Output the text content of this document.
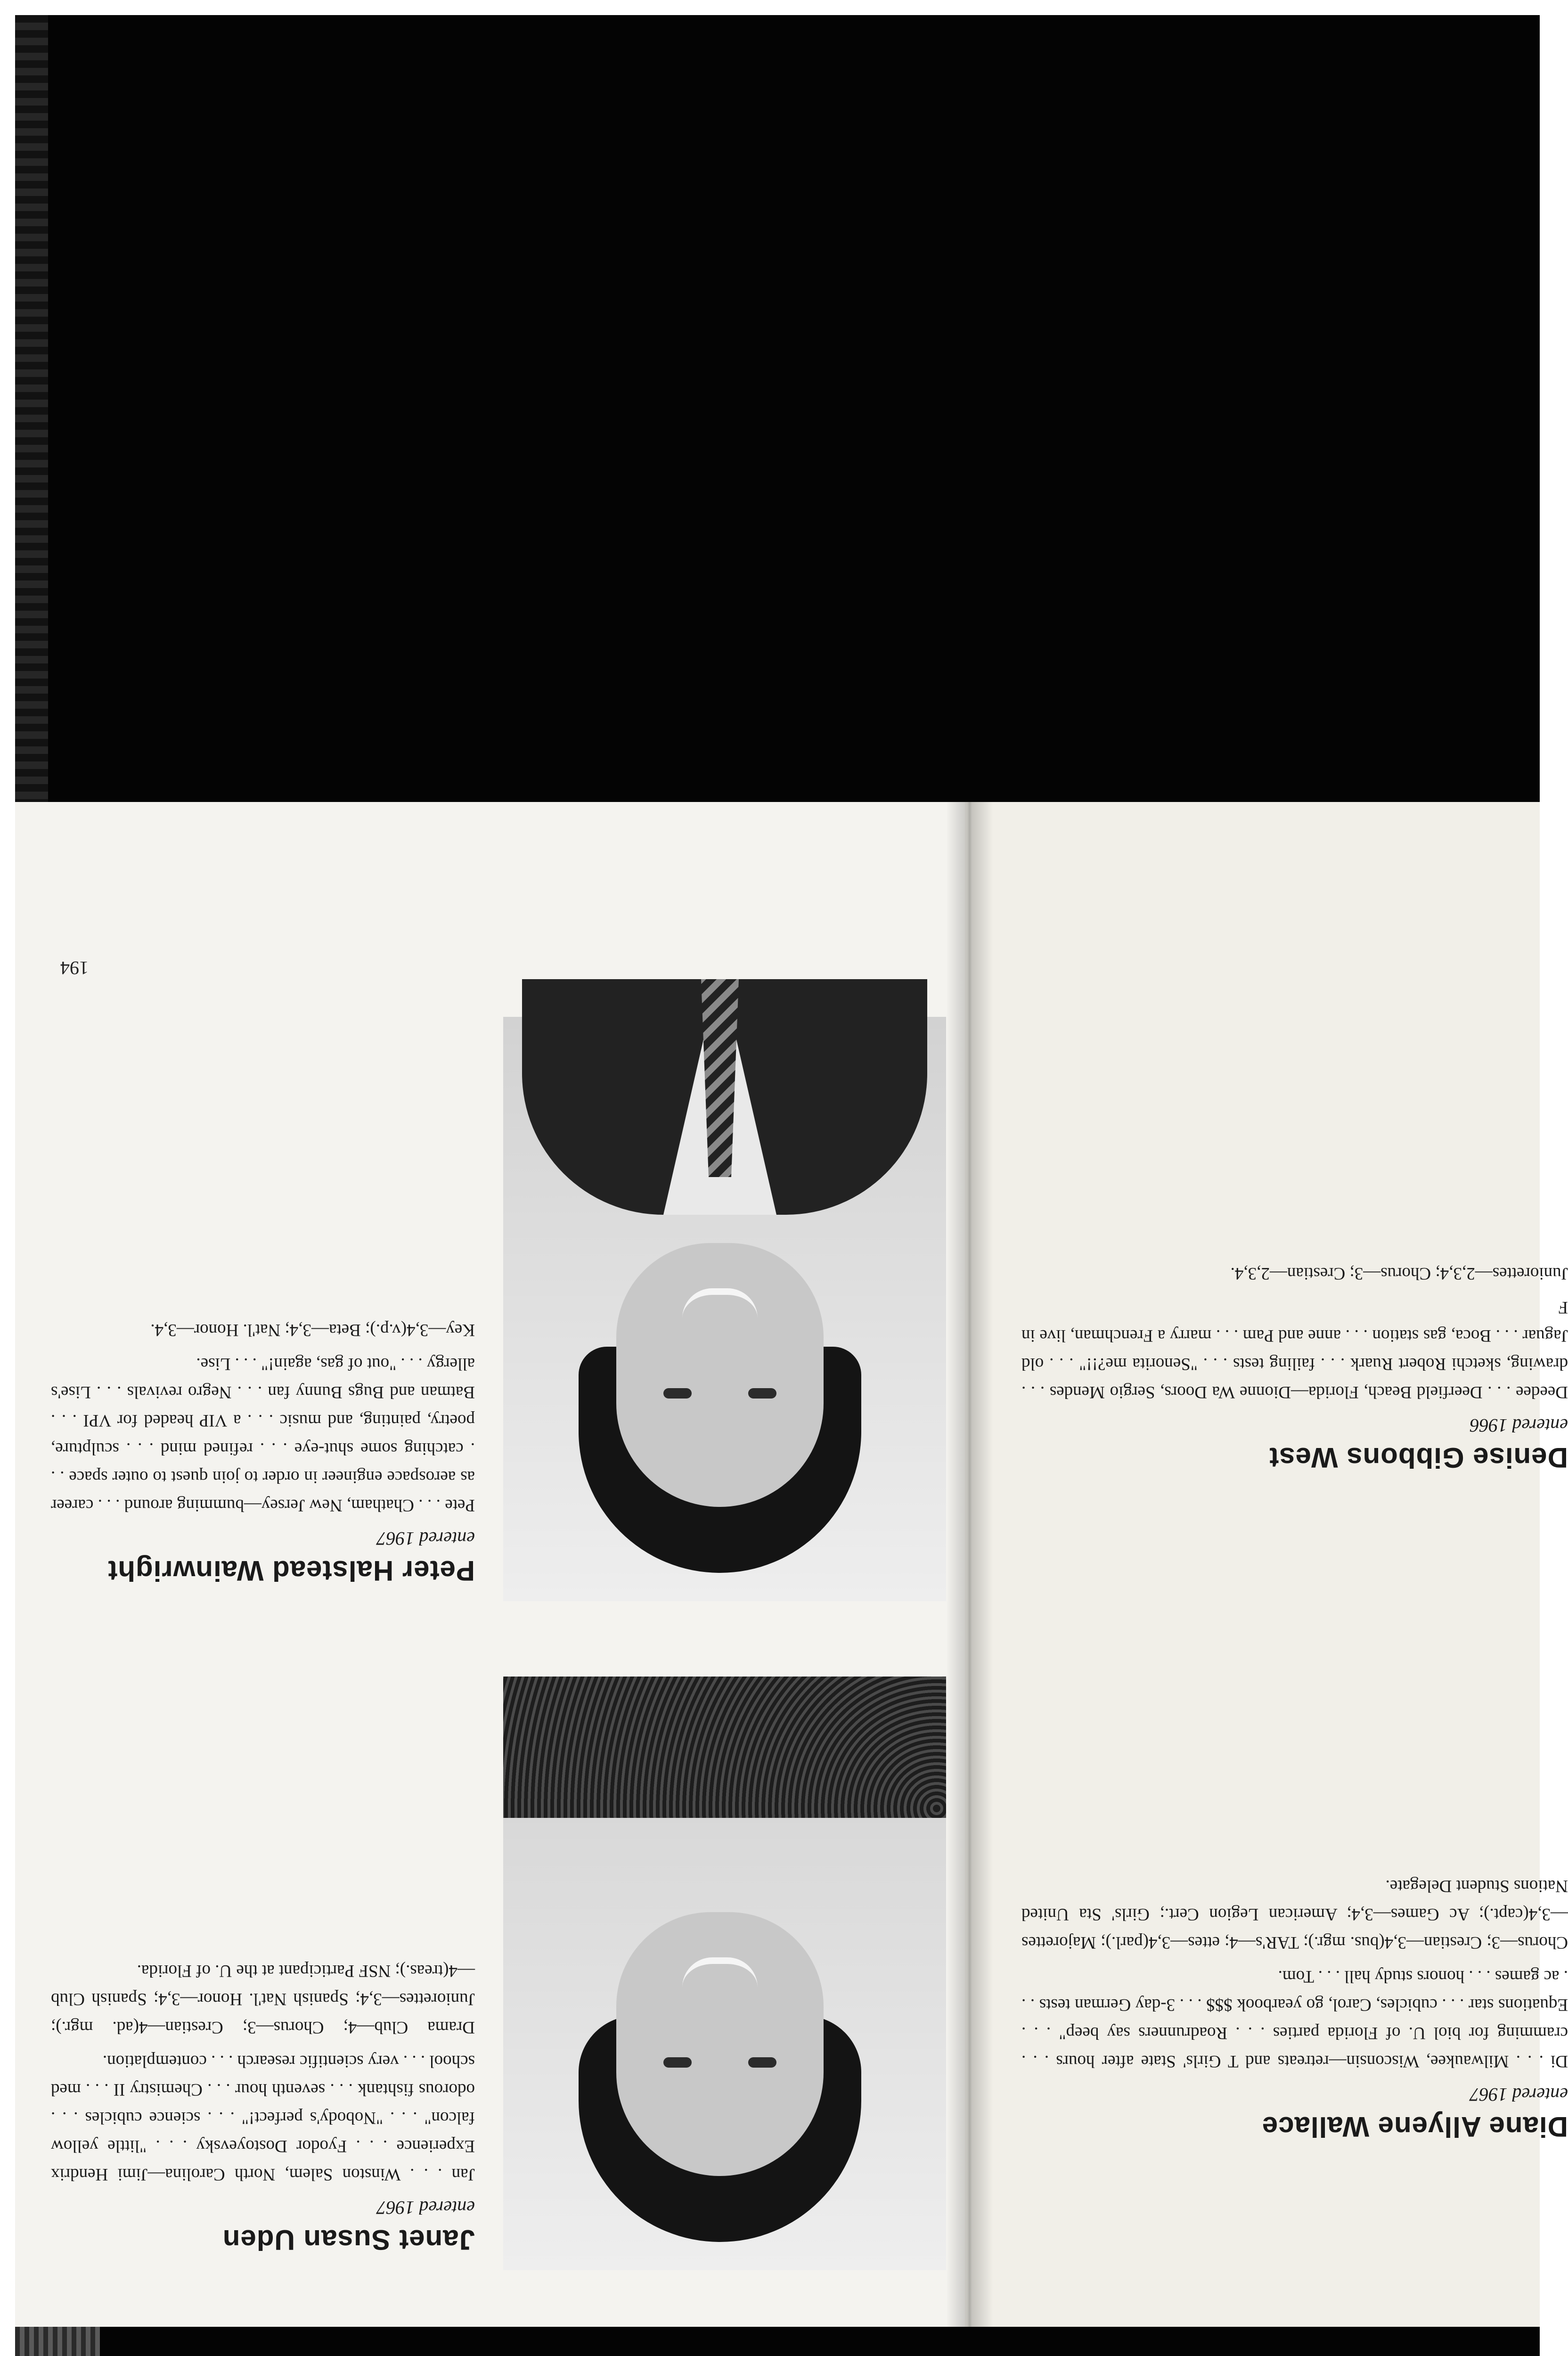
Diane Allyene Wallace
entered 1967

Di . . . Milwaukee, Wisconsin—retreats and T Girls' State after hours . . . cramming for biol U. of Florida parties . . . Roadrunners say beep" . . . Equations star . . . cubicles, Carol, go yearbook $$$ . . . 3-day German tests . . . ac games . . . honors study hall . . . Tom.

Chorus—3; Crestian—3,4(bus. mgr.); TAR's—4; ettes—3,4(parl.); Majorettes—3,4(capt.); Ac Games—3,4; American Legion Cert.; Girls' Sta United Nations Student Delegate.

Denise Gibbons West
entered 1966

Deedee . . . Deerfield Beach, Florida—Dionne Wa Doors, Sergio Mendes . . . drawing, sketchi Robert Ruark . . . failing tests . . . "Senorita me?!!" . . . old Jaguar . . . Boca, gas station . . . anne and Pam . . . marry a Frenchman, live in F

Juniorettes—2,3,4; Chorus—3; Crestian—2,3,4.

Janet Susan Uden
entered 1967

Jan . . . Winston Salem, North Carolina—Jimi Hendrix Experience . . . Fyodor Dostoyevsky . . . "little yellow falcon" . . . "Nobody's perfect!" . . . science cubicles . . . odorous fishtank . . . seventh hour . . . Chemistry II . . . med school . . . very scientific research . . . contemplation.

Drama Club—4; Chorus—3; Crestian—4(ad. mgr.); Juniorettes—3,4; Spanish Nat'l. Honor—3,4; Spanish Club—4(treas.); NSF Participant at the U. of Florida.

Peter Halstead Wainwright
entered 1967

Pete . . . Chatham, New Jersey—bumming around . . . career as aerospace engineer in order to join quest to outer space . . . catching some shut-eye . . . refined mind . . . sculpture, poetry, painting, and music . . . a VIP headed for VPI . . . Batman and Bugs Bunny fan . . . Negro revivals . . . Lise's allergy . . . "out of gas, again!" . . . Lise.

Key—3,4(v.p.); Beta—3,4; Nat'l. Honor—3,4.

194
